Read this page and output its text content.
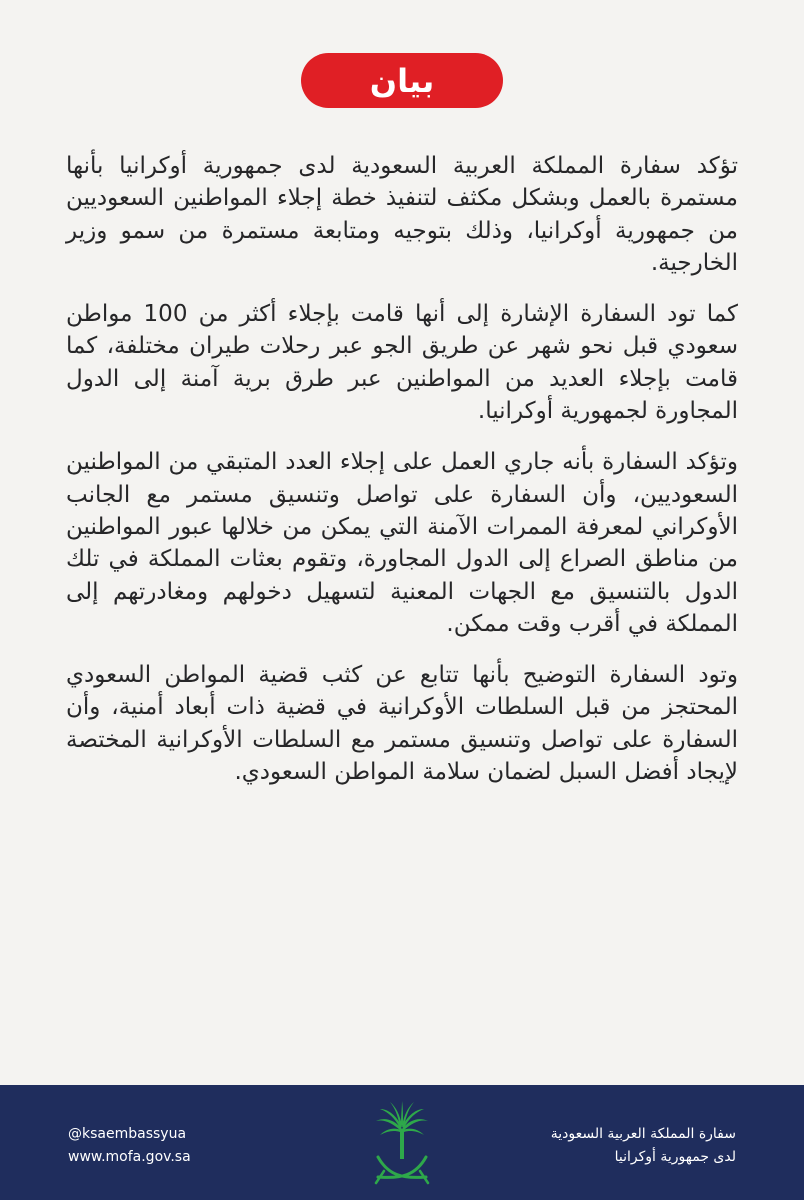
بيان

تؤكد سفارة المملكة العربية السعودية لدى جمهورية أوكرانيا بأنها مستمرة بالعمل وبشكل مكثف لتنفيذ خطة إجلاء المواطنين السعوديين من جمهورية أوكرانيا، وذلك بتوجيه ومتابعة مستمرة من سمو وزير الخارجية.

كما تود السفارة الإشارة إلى أنها قامت بإجلاء أكثر من 100 مواطن سعودي قبل نحو شهر عن طريق الجو عبر رحلات طيران مختلفة، كما قامت بإجلاء العديد من المواطنين عبر طرق برية آمنة إلى الدول المجاورة لجمهورية أوكرانيا.

وتؤكد السفارة بأنه جاري العمل على إجلاء العدد المتبقي من المواطنين السعوديين، وأن السفارة على تواصل وتنسيق مستمر مع الجانب الأوكراني لمعرفة الممرات الآمنة التي يمكن من خلالها عبور المواطنين من مناطق الصراع إلى الدول المجاورة، وتقوم بعثات المملكة في تلك الدول بالتنسيق مع الجهات المعنية لتسهيل دخولهم ومغادرتهم إلى المملكة في أقرب وقت ممكن.

وتود السفارة التوضيح بأنها تتابع عن كثب قضية المواطن السعودي المحتجز من قبل السلطات الأوكرانية في قضية ذات أبعاد أمنية، وأن السفارة على تواصل وتنسيق مستمر مع السلطات الأوكرانية المختصة لإيجاد أفضل السبل لضمان سلامة المواطن السعودي.

@ksaembassyua
www.mofa.gov.sa
سفارة المملكة العربية السعودية
لدى جمهورية أوكرانيا
